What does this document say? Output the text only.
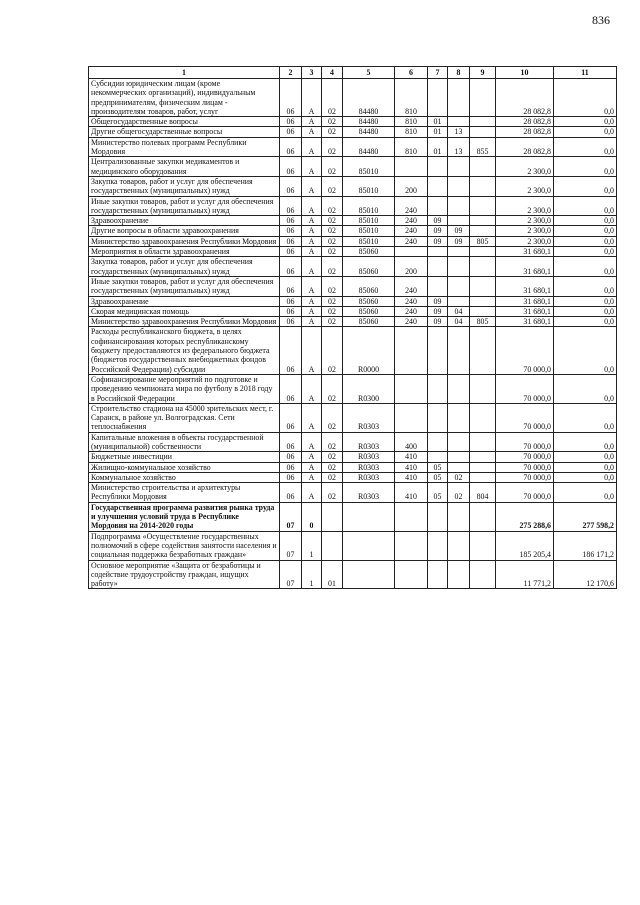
836
1	2	3	4	5	6	7	8	9	10	11
Субсидии юридическим лицам (кроме некоммерческих организаций), индивидуальным предпринимателям, физическим лицам - производителям товаров, работ, услуг	06	А	02	84480	810				28 082,8	0,0
Общегосударственные вопросы	06	А	02	84480	810	01			28 082,8	0,0
Другие общегосударственные вопросы	06	А	02	84480	810	01	13		28 082,8	0,0
Министерство полевых программ Республики Мордовия	06	А	02	84480	810	01	13	855	28 082,8	0,0
Централизованные закупки медикаментов и медицинского оборудования	06	А	02	85010					2 300,0	0,0
Закупка товаров, работ и услуг для обеспечения государственных (муниципальных) нужд	06	А	02	85010	200				2 300,0	0,0
Иные закупки товаров, работ и услуг для обеспечения государственных (муниципальных) нужд	06	А	02	85010	240				2 300,0	0,0
Здравоохранение	06	А	02	85010	240	09			2 300,0	0,0
Другие вопросы в области здравоохранения	06	А	02	85010	240	09	09		2 300,0	0,0
Министерство здравоохранения Республики Мордовия	06	А	02	85010	240	09	09	805	2 300,0	0,0
Мероприятия в области здравоохранения	06	А	02	85060					31 680,1	0,0
Закупка товаров, работ и услуг для обеспечения государственных (муниципальных) нужд	06	А	02	85060	200				31 680,1	0,0
Иные закупки товаров, работ и услуг для обеспечения государственных (муниципальных) нужд	06	А	02	85060	240				31 680,1	0,0
Здравоохранение	06	А	02	85060	240	09			31 680,1	0,0
Скорая медицинская помощь	06	А	02	85060	240	09	04		31 680,1	0,0
Министерство здравоохранения Республики Мордовия	06	А	02	85060	240	09	04	805	31 680,1	0,0
Расходы республиканского бюджета, в целях софинансирования которых республиканскому бюджету предоставляются из федерального бюджета (бюджетов государственных внебюджетных фондов Российской Федерации) субсидии	06	А	02	R0000					70 000,0	0,0
Софинансирование мероприятий по подготовке и проведению чемпионата мира по футболу в 2018 году в Российской Федерации	06	А	02	R0300					70 000,0	0,0
Строительство стадиона на 45000 зрительских мест, г. Саранск, в районе ул. Волгоградская. Сети теплоснабжения	06	А	02	R0303					70 000,0	0,0
Капитальные вложения в объекты государственной (муниципальной) собственности	06	А	02	R0303	400				70 000,0	0,0
Бюджетные инвестиции	06	А	02	R0303	410				70 000,0	0,0
Жилищно-коммунальное хозяйство	06	А	02	R0303	410	05			70 000,0	0,0
Коммунальное хозяйство	06	А	02	R0303	410	05	02		70 000,0	0,0
Министерство строительства и архитектуры Республики Мордовия	06	А	02	R0303	410	05	02	804	70 000,0	0,0
Государственная программа развития рынка труда и улучшения условий труда в Республике Мордовия на 2014-2020 годы	07	0							275 288,6	277 598,2
Подпрограмма «Осуществление государственных полномочий в сфере содействия занятости населения и социальная поддержка безработных граждан»	07	1							185 205,4	186 171,2
Основное мероприятие «Защита от безработицы и содействие трудоустройству граждан, ищущих работу»	07	1	01						11 771,2	12 170,6
